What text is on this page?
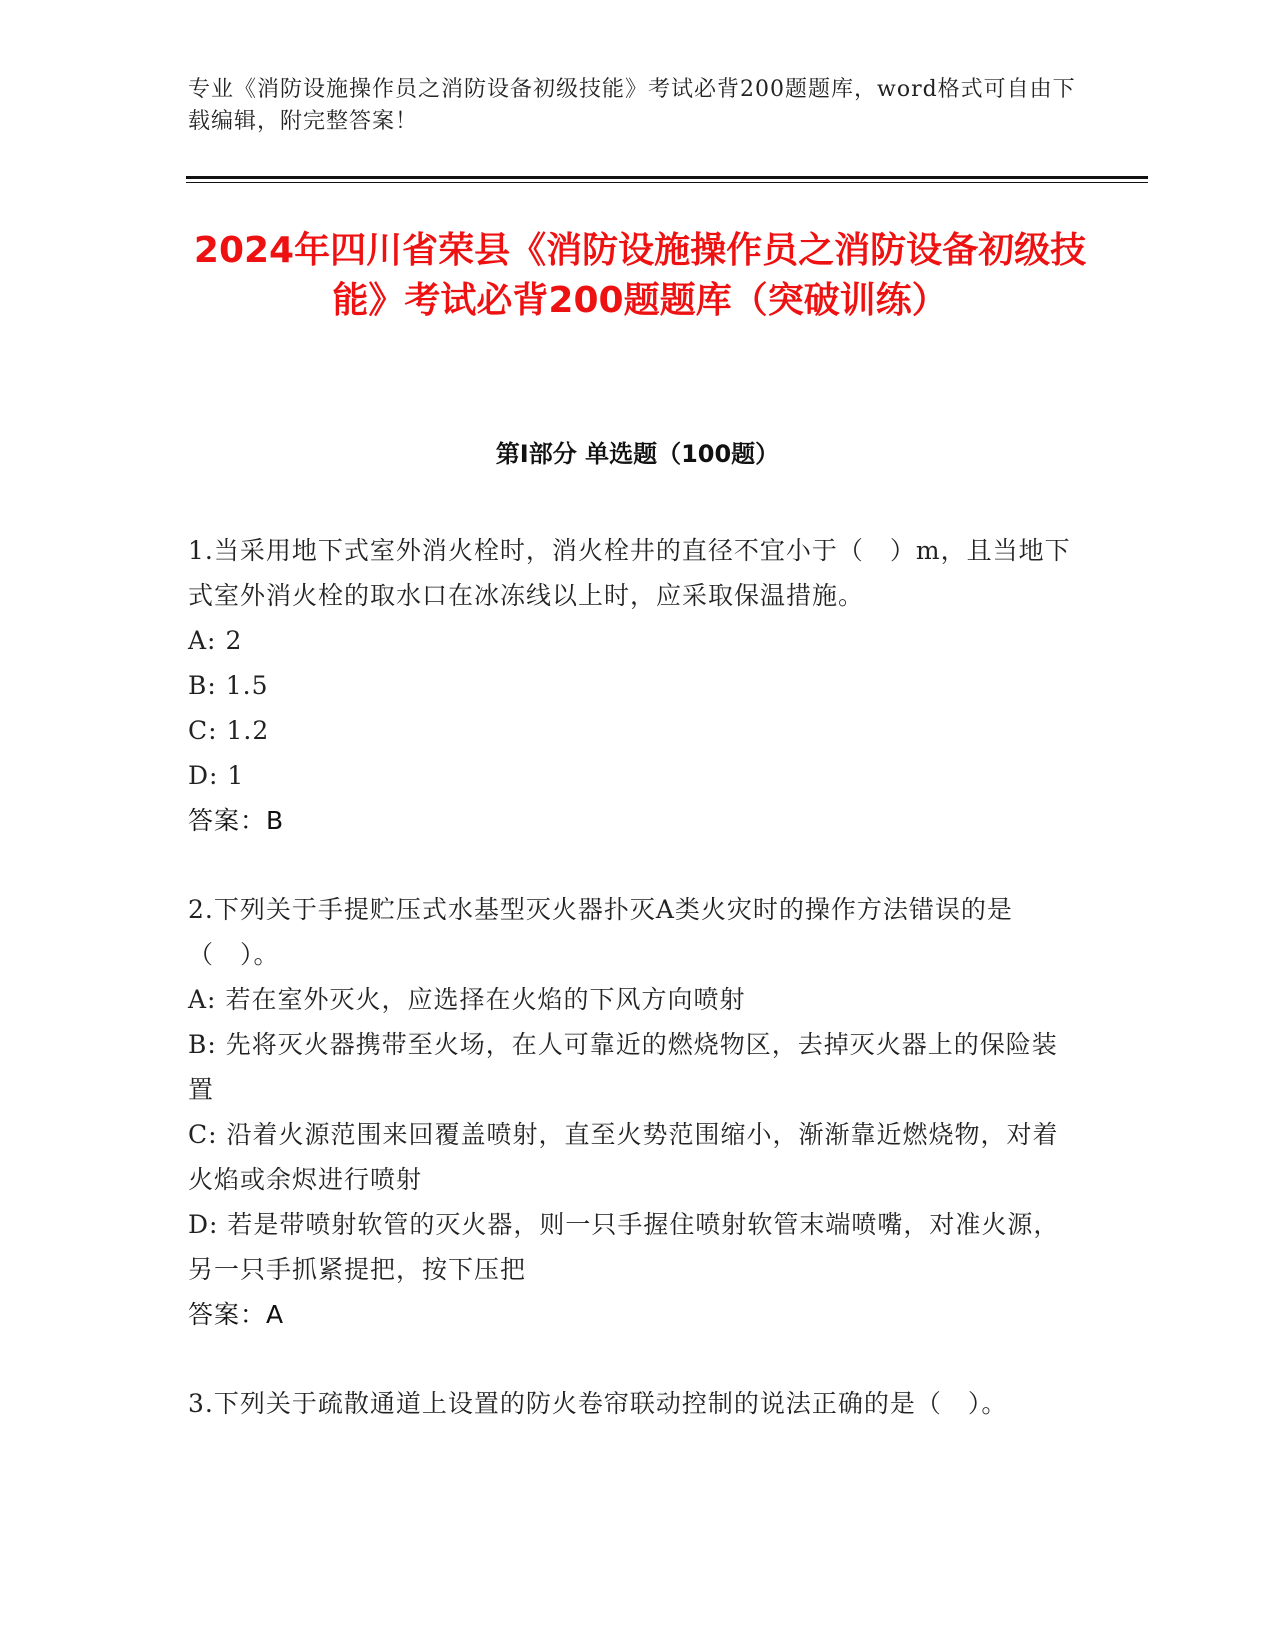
专业《消防设施操作员之消防设备初级技能》考试必背200题题库，word格式可自由下载编辑，附完整答案！
2024年四川省荣县《消防设施操作员之消防设备初级技能》考试必背200题题库（突破训练）
第I部分 单选题（100题）
1.当采用地下式室外消火栓时，消火栓井的直径不宜小于（　）m，且当地下式室外消火栓的取水口在冰冻线以上时，应采取保温措施。
A: 2
B: 1.5
C: 1.2
D: 1
答案：B
2.下列关于手提贮压式水基型灭火器扑灭A类火灾时的操作方法错误的是（　）。
A: 若在室外灭火，应选择在火焰的下风方向喷射
B: 先将灭火器携带至火场，在人可靠近的燃烧物区，去掉灭火器上的保险装置
C: 沿着火源范围来回覆盖喷射，直至火势范围缩小，渐渐靠近燃烧物，对着火焰或余烬进行喷射
D: 若是带喷射软管的灭火器，则一只手握住喷射软管末端喷嘴，对准火源，另一只手抓紧提把，按下压把
答案：A
3.下列关于疏散通道上设置的防火卷帘联动控制的说法正确的是（　）。
